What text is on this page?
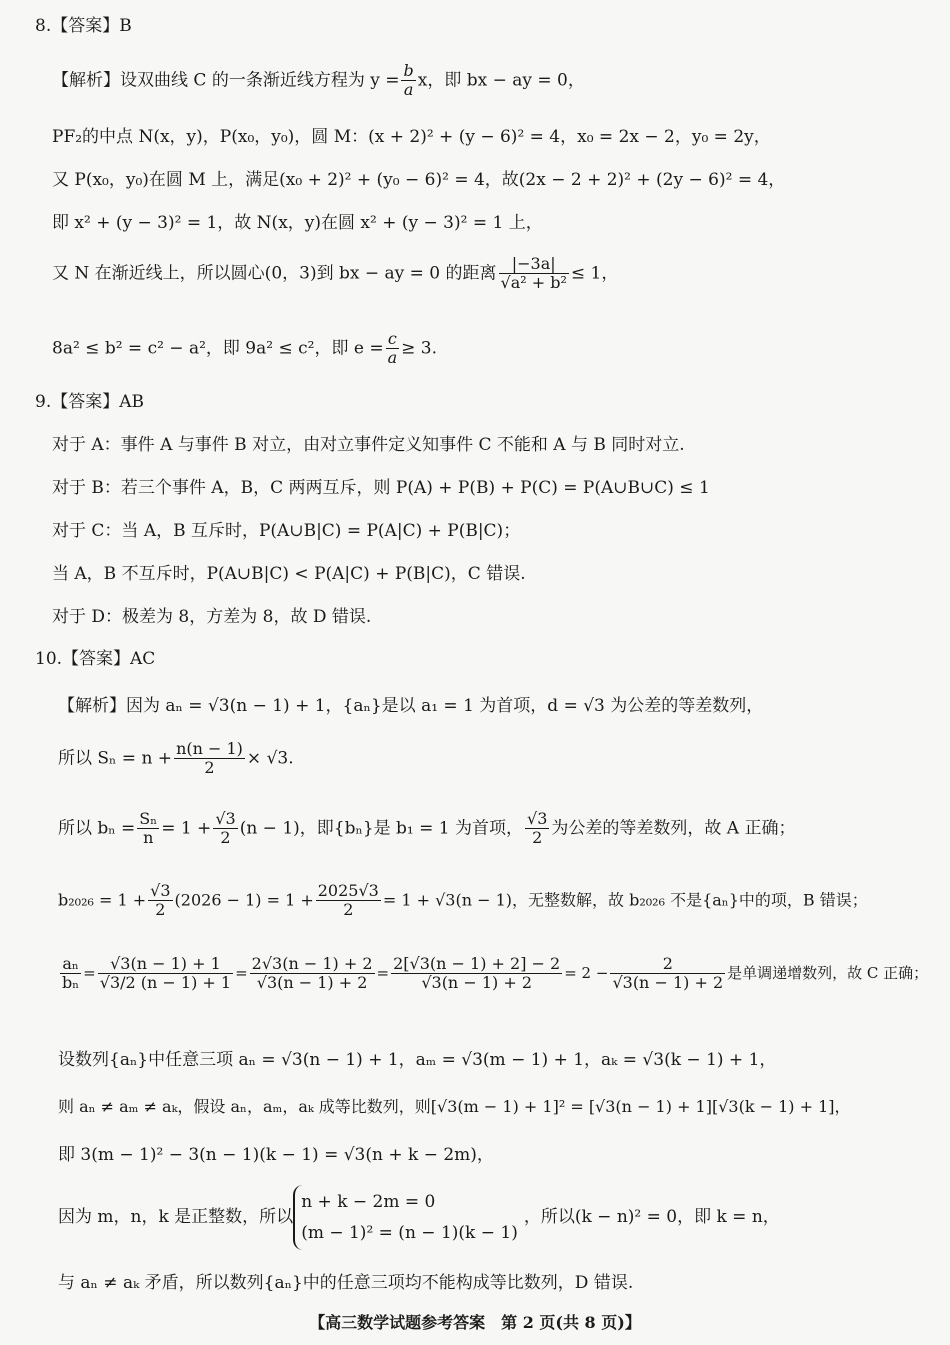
8.【答案】B
【解析】设双曲线 C 的一条渐近线方程为 $y = \frac{b}{a}$ x，即 bx − ay = 0，
PF₂的中点 N(x，y)，P(x₀，y₀)，圆 M：(x + 2)² + (y − 6)² = 4，x₀ = 2x − 2，y₀ = 2y，
又 P(x₀，y₀)在圆 M 上，满足(x₀ + 2)² + (y₀ − 6)² = 4，故(2x − 2 + 2)² + (2y − 6)² = 4，
即 x² + (y − 3)² = 1，故 N(x，y)在圆 x² + (y − 3)² = 1 上，
又 N 在渐近线上，所以圆心(0，3)到 bx − ay = 0 的距离 $\frac{|-3a|}{\text{√a² + b²}} \le 1$，
8a² ≤ b² = c² − a²，即 9a² ≤ c²，即 $e = \frac{c}{a} \ge 3$.
9.【答案】AB
对于 A：事件 A 与事件 B 对立，由对立事件定义知事件 C 不能和 A 与 B 同时对立.
对于 B：若三个事件 A，B，C 两两互斥，则 P(A) + P(B) + P(C) = P(A∪B∪C) ≤ 1
对于 C：当 A，B 互斥时，P(A∪B|C) = P(A|C) + P(B|C)；
当 A，B 不互斥时，P(A∪B|C) < P(A|C) + P(B|C)，C 错误.
对于 D：极差为 8，方差为 8，故 D 错误.
10.【答案】AC
【解析】因为 aₙ = √3(n − 1) + 1，{aₙ}是以 a₁ = 1 为首项，d = √3 为公差的等差数列，
所以 $S_n = n + \frac{n(n - 1)}{2} \times √3$.
所以 $b_n = \frac{\text{Sₙ}}{n} = 1 + \frac{√3}{2} (n - 1)$，即{bₙ}是 b₁ = 1 为首项， $\frac{√3}{2}$ 为公差的等差数列，故 A 正确；
$b_{2026} = 1 + \frac{√3}{2} (2026 - 1) = 1 + \frac{2025√3}{2} = 1 + √3(n - 1)$，无整数解，故 b₂₀₂₆ 不是{aₙ}中的项，B 错误；
$\frac{\text{aₙ}}{\text{bₙ}} = \frac{√3(n - 1) + 1}{√3/2 (n - 1) + 1} = \frac{2√3(n - 1) + 2}{√3(n - 1) + 2} = \frac{2[√3(n - 1) + 2] - 2}{√3(n - 1) + 2} = 2 - \frac{2}{√3(n - 1) + 2}$ 是单调递增数列，故 C 正确；
设数列{aₙ}中任意三项 aₙ = √3(n − 1) + 1，aₘ = √3(m − 1) + 1，aₖ = √3(k − 1) + 1，
则 aₙ ≠ aₘ ≠ aₖ，假设 aₙ，aₘ，aₖ 成等比数列，则[√3(m − 1) + 1]² = [√3(n − 1) + 1][√3(k − 1) + 1]，
即 3(m − 1)² − 3(n − 1)(k − 1) = √3(n + k − 2m)，
因为 m，n，k 是正整数，所以
n + k − 2m = 0
(m − 1)² = (n − 1)(k − 1)
，所以(k − n)² = 0，即 k = n，
与 aₙ ≠ aₖ 矛盾，所以数列{aₙ}中的任意三项均不能构成等比数列，D 错误.
【高三数学试题参考答案　第 2 页(共 8 页)】
